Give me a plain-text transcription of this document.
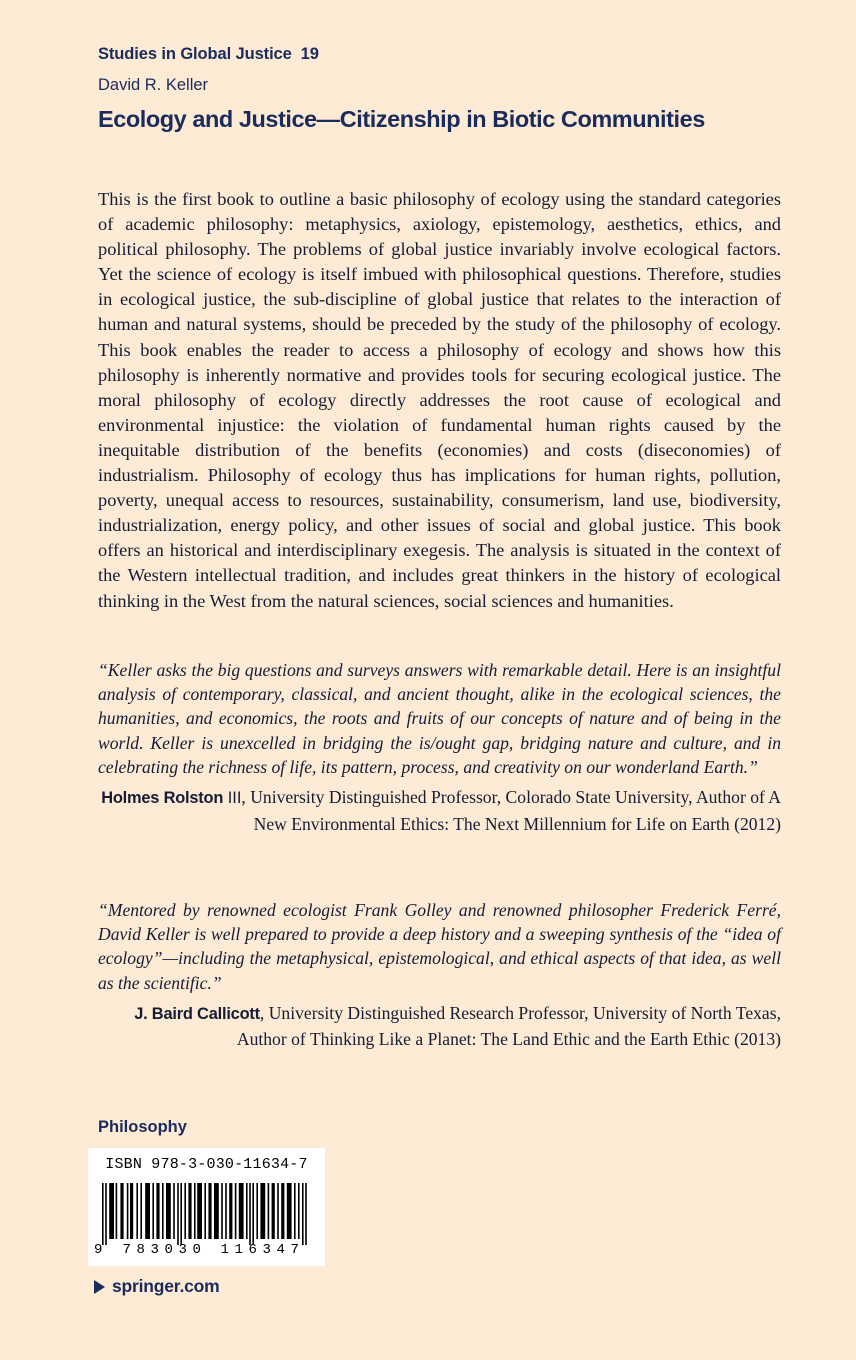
Studies in Global Justice  19

David R. Keller

Ecology and Justice—Citizenship in Biotic Communities

This is the first book to outline a basic philosophy of ecology using the standard categories of academic philosophy: metaphysics, axiology, epistemology, aesthetics, ethics, and political philosophy. The problems of global justice invariably involve ecological factors. Yet the science of ecology is itself imbued with philosophical questions. Therefore, studies in ecological justice, the sub-discipline of global justice that relates to the interaction of human and natural systems, should be preceded by the study of the philosophy of ecology. This book enables the reader to access a philosophy of ecology and shows how this philosophy is inherently normative and provides tools for securing ecological justice. The moral philosophy of ecology directly addresses the root cause of ecological and environmental injustice: the violation of fundamental human rights caused by the inequitable distribution of the benefits (economies) and costs (diseconomies) of industrialism. Philosophy of ecology thus has implications for human rights, pollution, poverty, unequal access to resources, sustainability, consumerism, land use, biodiversity, industrialization, energy policy, and other issues of social and global justice. This book offers an historical and interdisciplinary exegesis. The analysis is situated in the context of the Western intellectual tradition, and includes great thinkers in the history of ecological thinking in the West from the natural sciences, social sciences and humanities.

“Keller asks the big questions and surveys answers with remarkable detail. Here is an insightful analysis of contemporary, classical, and ancient thought, alike in the ecological sciences, the humanities, and economics, the roots and fruits of our concepts of nature and of being in the world. Keller is unexcelled in bridging the is/ought gap, bridging nature and culture, and in celebrating the richness of life, its pattern, process, and creativity on our wonderland Earth.”

Holmes Rolston III, University Distinguished Professor, Colorado State University, Author of A New Environmental Ethics: The Next Millennium for Life on Earth (2012)

“Mentored by renowned ecologist Frank Golley and renowned philosopher Frederick Ferré, David Keller is well prepared to provide a deep history and a sweeping synthesis of the “idea of ecology”—including the metaphysical, epistemological, and ethical aspects of that idea, as well as the scientific.”

J. Baird Callicott, University Distinguished Research Professor, University of North Texas, Author of Thinking Like a Planet: The Land Ethic and the Earth Ethic (2013)

Philosophy

ISBN 978-3-030-11634-7

9 783030 116347
springer.com
